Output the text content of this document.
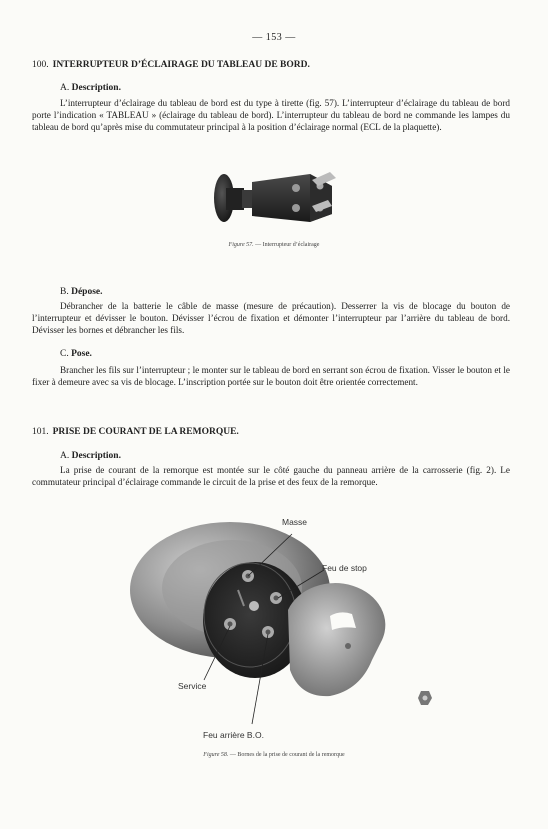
— 153 —
100. INTERRUPTEUR D’ÉCLAIRAGE DU TABLEAU DE BORD.
A. Description.

L’interrupteur d’éclairage du tableau de bord est du type à tirette (fig. 57). L’interrupteur d’éclairage du tableau de bord porte l’indication « TABLEAU » (éclairage du tableau de bord). L’interrupteur du tableau de bord ne commande les lampes du tableau de bord qu’après mise du commutateur principal à la position d’éclairage normal (ECL de la plaquette).

Figure 57. — Interrupteur d’éclairage
B. Dépose.

Débrancher de la batterie le câble de masse (mesure de précaution). Desserrer la vis de blocage du bouton de l’interrupteur et dévisser le bouton. Dévisser l’écrou de fixation et démonter l’interrupteur par l’arrière du tableau de bord. Dévisser les bornes et débrancher les fils.

C. Pose.

Brancher les fils sur l’interrupteur ; le monter sur le tableau de bord en serrant son écrou de fixation. Visser le bouton et le fixer à demeure avec sa vis de blocage. L’inscription portée sur le bouton doit être orientée correctement.

101. PRISE DE COURANT DE LA REMORQUE.
A. Description.

La prise de courant de la remorque est montée sur le côté gauche du panneau arrière de la carrosserie (fig. 2). Le commutateur principal d’éclairage commande le circuit de la prise et des feux de la remorque.

Masse
Feu de stop
Service
Feu arrière B.O.
Figure 58. — Bornes de la prise de courant de la remorque
